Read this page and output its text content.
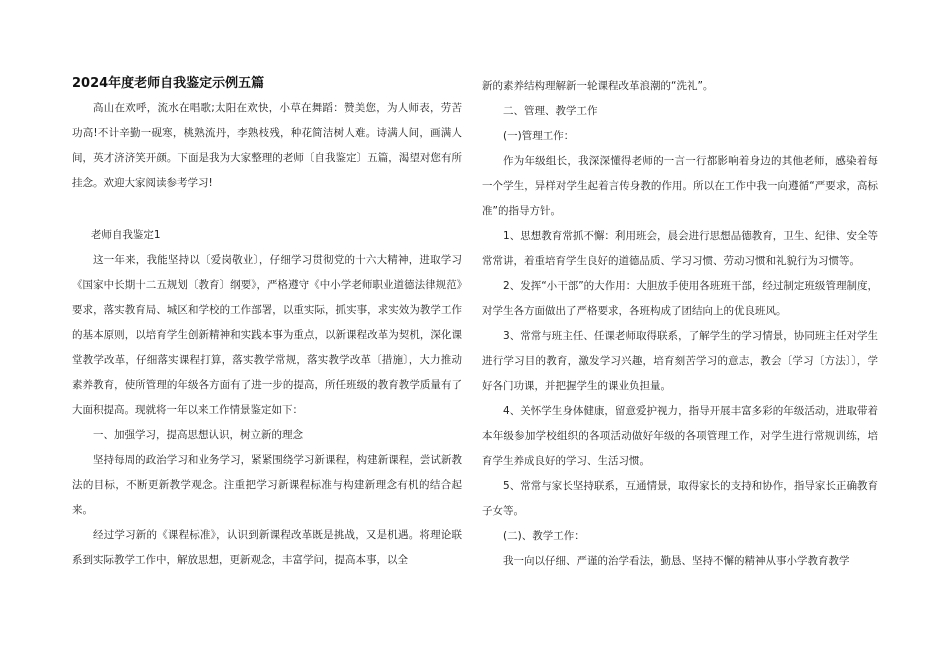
2024年度老师自我鉴定示例五篇

高山在欢呼，流水在唱歌;太阳在欢快，小草在舞蹈：赞美您，为人师表，劳苦功高!不计辛勤一砚寒，桃熟流丹，李熟枝残，种花简洁树人难。诗满人间，画满人间，英才济济笑开颜。下面是我为大家整理的老师〔自我鉴定〕五篇，渴望对您有所挂念。欢迎大家阅读参考学习!

老师自我鉴定1

这一年来，我能坚持以〔爱岗敬业〕，仔细学习贯彻党的十六大精神，进取学习《国家中长期十二五规划〔教育〕纲要》，严格遵守《中小学老师职业道德法律规范》要求，落实教育局、城区和学校的工作部署，以重实际，抓实事，求实效为教学工作的基本原则，以培育学生创新精神和实践本事为重点，以新课程改革为契机，深化课堂教学改革，仔细落实课程打算，落实教学常规，落实教学改革〔措施〕，大力推动素养教育，使所管理的年级各方面有了进一步的提高，所任班级的教育教学质量有了大面积提高。现就将一年以来工作情景鉴定如下：

一、加强学习，提高思想认识，树立新的理念

坚持每周的政治学习和业务学习，紧紧围绕学习新课程，构建新课程，尝试新教法的目标，不断更新教学观念。注重把学习新课程标准与构建新理念有机的结合起来。

经过学习新的《课程标准》，认识到新课程改革既是挑战，又是机遇。将理论联系到实际教学工作中，解放思想，更新观念，丰富学问，提高本事，以全

新的素养结构理解新一轮课程改革浪潮的“洗礼”。

二、管理、教学工作

(一)管理工作：

作为年级组长，我深深懂得老师的一言一行都影响着身边的其他老师，感染着每一个学生，异样对学生起着言传身教的作用。所以在工作中我一向遵循“严要求，高标准”的指导方针。

1、思想教育常抓不懈：利用班会，晨会进行思想品德教育，卫生、纪律、安全等常常讲，着重培育学生良好的道德品质、学习习惯、劳动习惯和礼貌行为习惯等。

2、发挥“小干部”的大作用：大胆放手使用各班班干部，经过制定班级管理制度，对学生各方面做出了严格要求，各班构成了团结向上的优良班风。

3、常常与班主任、任课老师取得联系，了解学生的学习情景，协同班主任对学生进行学习目的教育，激发学习兴趣，培育刻苦学习的意志，教会〔学习〔方法〕〕，学好各门功课，并把握学生的课业负担量。

4、关怀学生身体健康，留意爱护视力，指导开展丰富多彩的年级活动，进取带着本年级参加学校组织的各项活动做好年级的各项管理工作，对学生进行常规训练，培育学生养成良好的学习、生活习惯。

5、常常与家长坚持联系，互通情景，取得家长的支持和协作，指导家长正确教育子女等。

(二)、教学工作：

我一向以仔细、严谨的治学看法，勤恳、坚持不懈的精神从事小学教育教学
